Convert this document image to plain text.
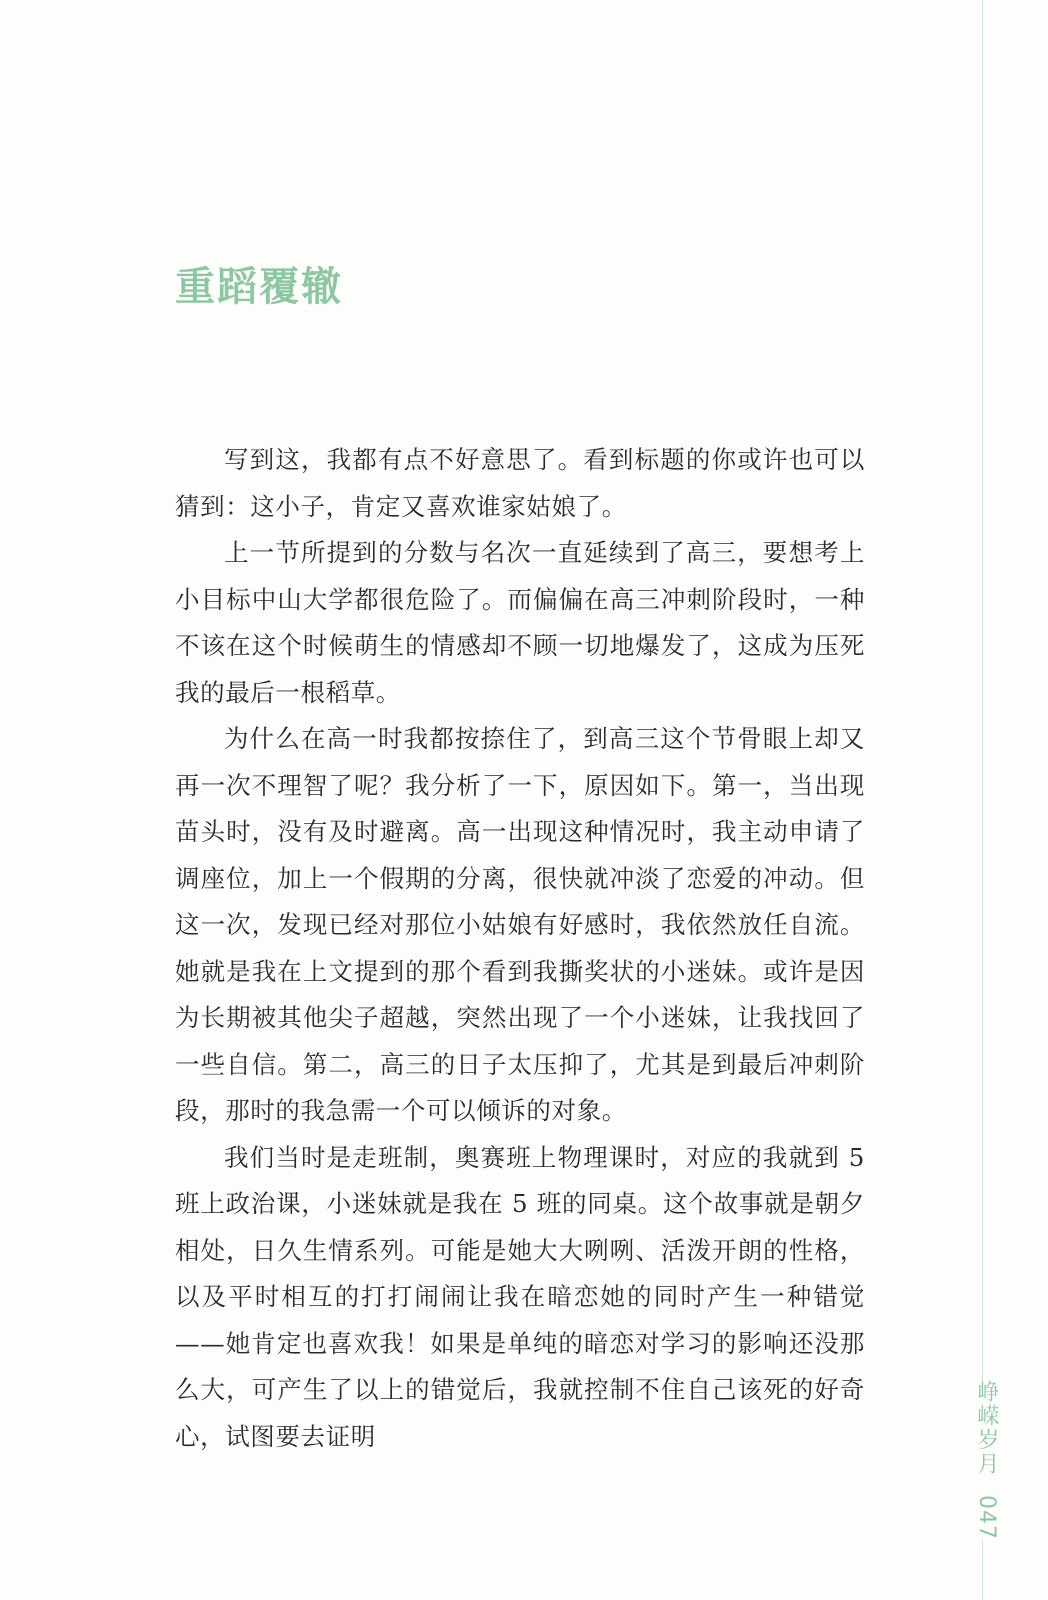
重蹈覆辙

写到这，我都有点不好意思了。看到标题的你或许也可以猜到：这小子，肯定又喜欢谁家姑娘了。

上一节所提到的分数与名次一直延续到了高三，要想考上小目标中山大学都很危险了。而偏偏在高三冲刺阶段时，一种不该在这个时候萌生的情感却不顾一切地爆发了，这成为压死我的最后一根稻草。

为什么在高一时我都按捺住了，到高三这个节骨眼上却又再一次不理智了呢？我分析了一下，原因如下。第一，当出现苗头时，没有及时避离。高一出现这种情况时，我主动申请了调座位，加上一个假期的分离，很快就冲淡了恋爱的冲动。但这一次，发现已经对那位小姑娘有好感时，我依然放任自流。她就是我在上文提到的那个看到我撕奖状的小迷妹。或许是因为长期被其他尖子超越，突然出现了一个小迷妹，让我找回了一些自信。第二，高三的日子太压抑了，尤其是到最后冲刺阶段，那时的我急需一个可以倾诉的对象。

我们当时是走班制，奥赛班上物理课时，对应的我就到 5 班上政治课，小迷妹就是我在 5 班的同桌。这个故事就是朝夕相处，日久生情系列。可能是她大大咧咧、活泼开朗的性格，以及平时相互的打打闹闹让我在暗恋她的同时产生一种错觉——她肯定也喜欢我！如果是单纯的暗恋对学习的影响还没那么大，可产生了以上的错觉后，我就控制不住自己该死的好奇心，试图要去证明	峥嵘岁月 047
